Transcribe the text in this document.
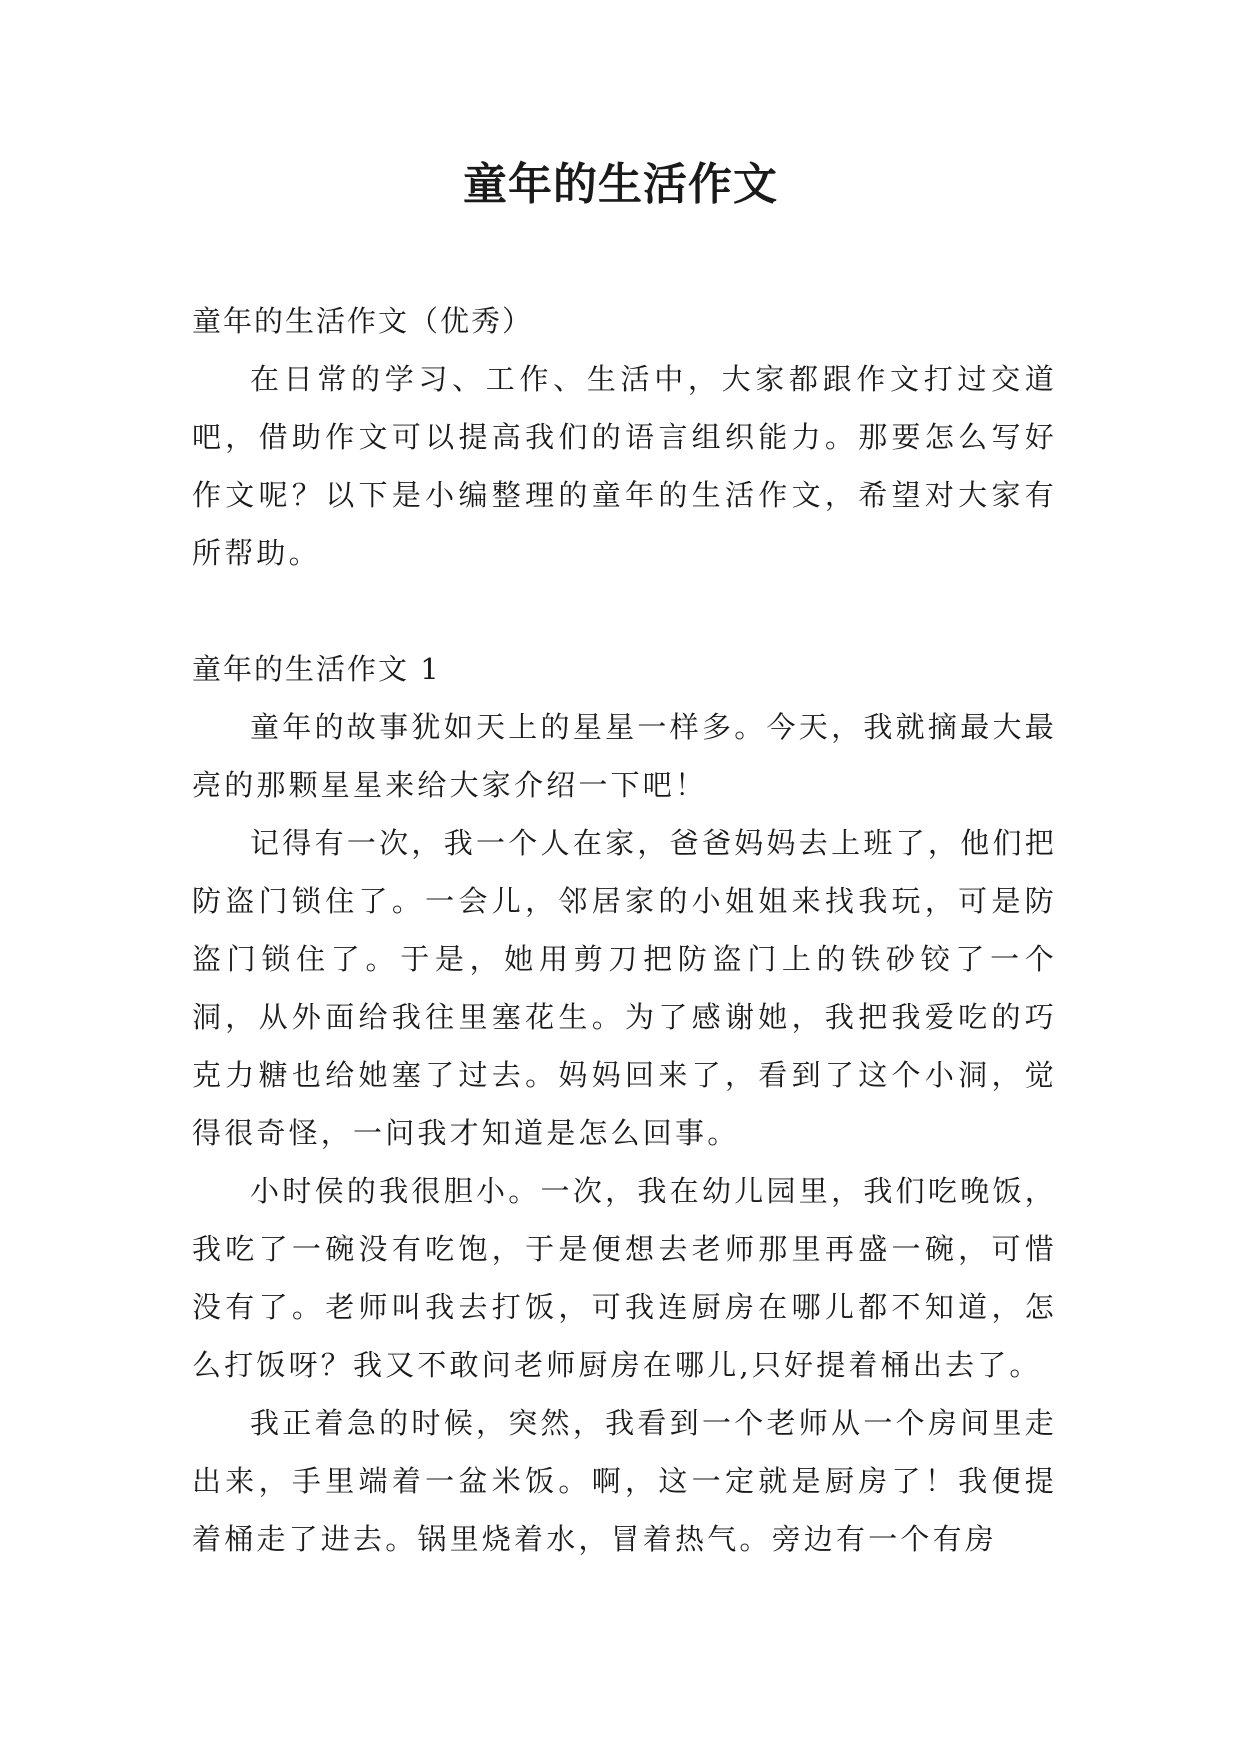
童年的生活作文

童年的生活作文（优秀）

在日常的学习、工作、生活中，大家都跟作文打过交道吧，借助作文可以提高我们的语言组织能力。那要怎么写好作文呢？以下是小编整理的童年的生活作文，希望对大家有所帮助。

童年的生活作文 1

童年的故事犹如天上的星星一样多。今天，我就摘最大最亮的那颗星星来给大家介绍一下吧！

记得有一次，我一个人在家，爸爸妈妈去上班了，他们把防盗门锁住了。一会儿，邻居家的小姐姐来找我玩，可是防盗门锁住了。于是，她用剪刀把防盗门上的铁砂铰了一个洞，从外面给我往里塞花生。为了感谢她，我把我爱吃的巧克力糖也给她塞了过去。妈妈回来了，看到了这个小洞，觉得很奇怪，一问我才知道是怎么回事。

小时侯的我很胆小。一次，我在幼儿园里，我们吃晚饭，我吃了一碗没有吃饱，于是便想去老师那里再盛一碗，可惜没有了。老师叫我去打饭，可我连厨房在哪儿都不知道，怎么打饭呀？我又不敢问老师厨房在哪儿,只好提着桶出去了。

我正着急的时候，突然，我看到一个老师从一个房间里走出来，手里端着一盆米饭。啊，这一定就是厨房了！我便提着桶走了进去。锅里烧着水，冒着热气。旁边有一个有房
